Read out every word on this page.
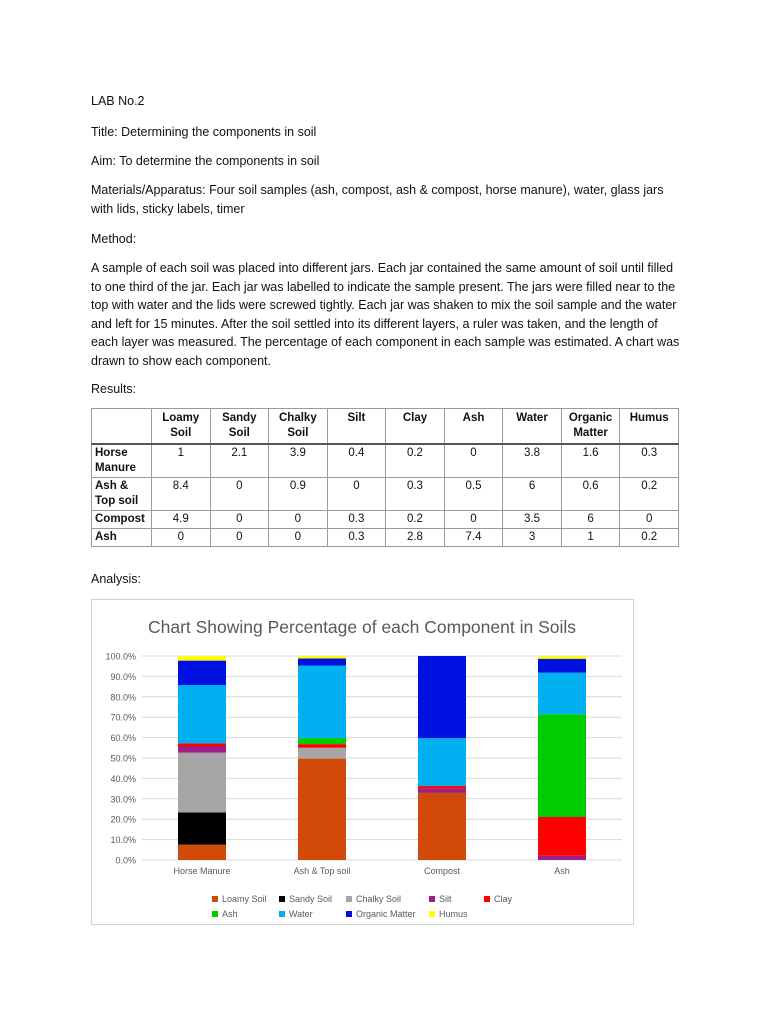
LAB No.2

Title: Determining the components in soil

Aim: To determine the components in soil

Materials/Apparatus: Four soil samples (ash, compost, ash & compost, horse manure), water, glass jars with lids, sticky labels, timer

Method:

A sample of each soil was placed into different jars. Each jar contained the same amount of soil until filled to one third of the jar. Each jar was labelled to indicate the sample present. The jars were filled near to the top with water and the lids were screwed tightly. Each jar was shaken to mix the soil sample and the water and left for 15 minutes. After the soil settled into its different layers, a ruler was taken, and the length of each layer was measured. The percentage of each component in each sample was estimated. A chart was drawn to show each component.

Results:

	Loamy Soil	Sandy Soil	Chalky Soil	Silt	Clay	Ash	Water	Organic Matter	Humus
Horse Manure	1	2.1	3.9	0.4	0.2	0	3.8	1.6	0.3
Ash & Top soil	8.4	0	0.9	0	0.3	0.5	6	0.6	0.2
Compost	4.9	0	0	0.3	0.2	0	3.5	6	0
Ash	0	0	0	0.3	2.8	7.4	3	1	0.2

Analysis:

Chart Showing Percentage of each Component in Soils
0.0%
10.0%
20.0%
30.0%
40.0%
50.0%
60.0%
70.0%
80.0%
90.0%
100.0%
Horse Manure	Ash & Top soil	Compost	Ash
Loamy Soil Sandy Soil	Chalky Soil	Silt	Clay
Ash	Water	Organic Matter	Humus
